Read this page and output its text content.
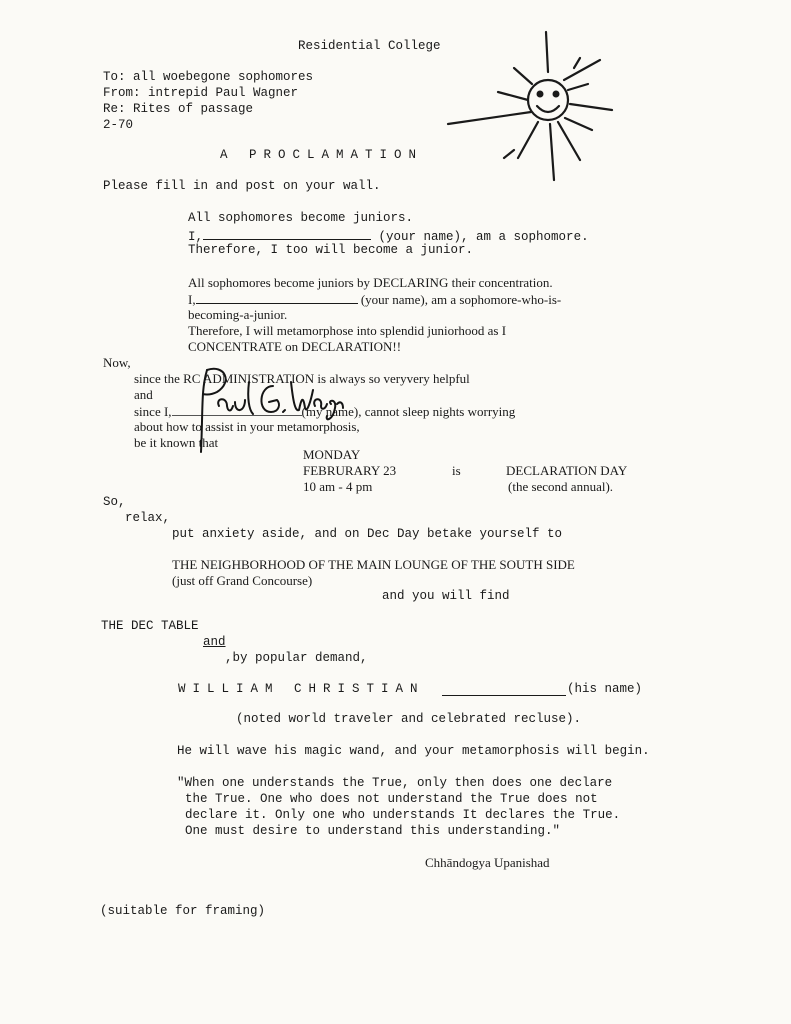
Residential College
To: all woebegone sophomores
From: intrepid Paul Wagner
Re: Rites of passage
2-70
A PROCLAMATION
Please fill in and post on your wall.
All sophomores become juniors.
I,	(your name), am a sophomore.
Therefore, I too will become a junior.
All sophomores become juniors by DECLARING their concentration.
I,	(your name), am a sophomore-who-is-
becoming-a-junior.
Therefore, I will metamorphose into splendid juniorhood as I
CONCENTRATE on DECLARATION!!
Now,
since the RC ADMINISTRATION is always so veryvery helpful
and
since I,	(my name), cannot sleep nights worrying
about how to assist in your metamorphosis,
be it known that
MONDAY
FEBRURARY 23	is	DECLARATION DAY
10 am - 4 pm	(the second annual).
So,
relax,
put anxiety aside, and on Dec Day betake yourself to
THE NEIGHBORHOOD OF THE MAIN LOUNGE OF THE SOUTH SIDE
(just off Grand Concourse)
and you will find
THE DEC TABLE
and
,by popular demand,
WILLIAM CHRISTIAN	(his name)
(noted world traveler and celebrated recluse).
He will wave his magic wand, and your metamorphosis will begin.
"When one understands the True, only then does one declare
the True. One who does not understand the True does not
declare it. Only one who understands It declares the True.
One must desire to understand this understanding."
Chhāndogya Upanishad
(suitable for framing)
